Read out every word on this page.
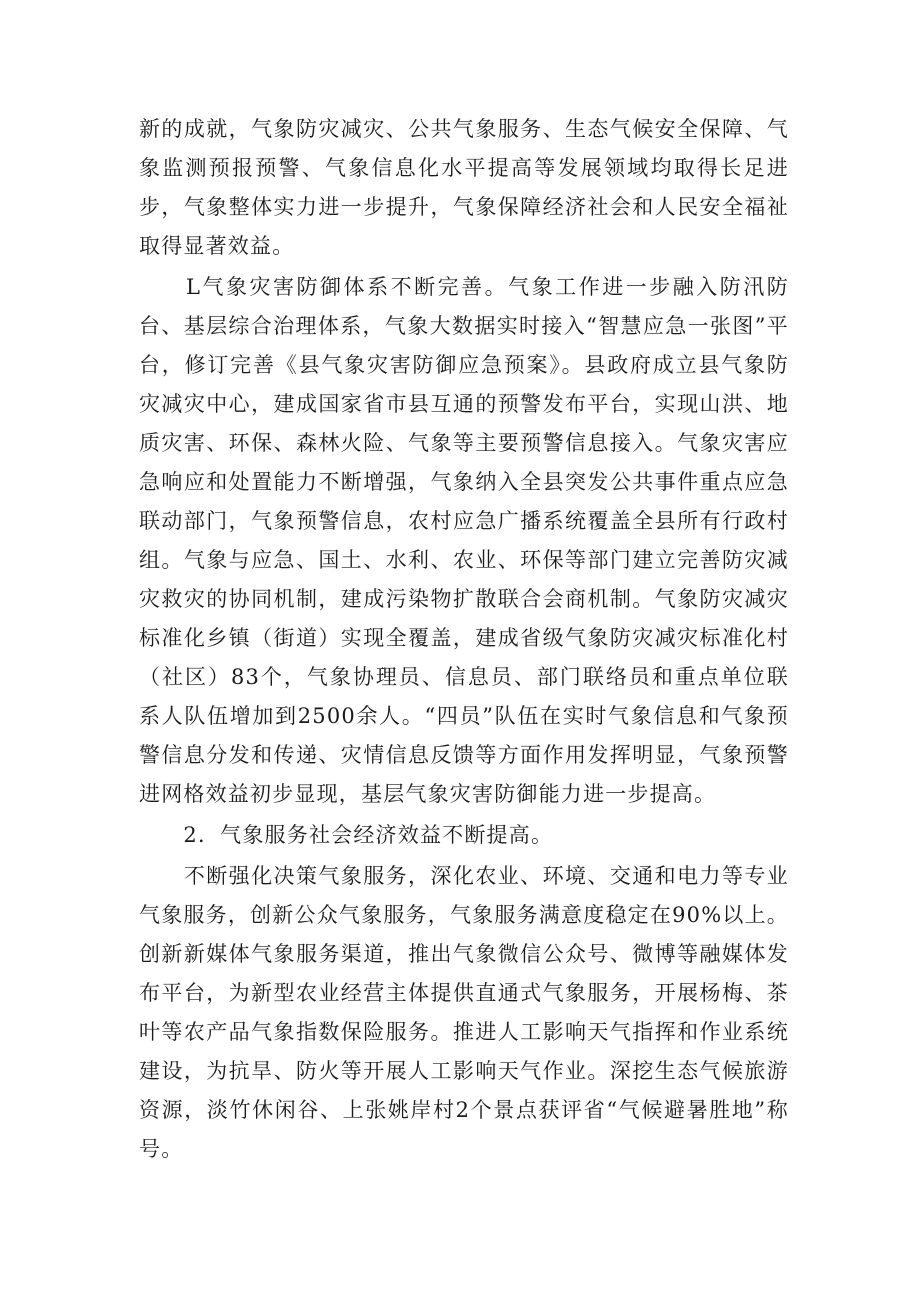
新的成就，气象防灾减灾、公共气象服务、生态气候安全保障、气象监测预报预警、气象信息化水平提高等发展领域均取得长足进步，气象整体实力进一步提升，气象保障经济社会和人民安全福祉取得显著效益。

　　L气象灾害防御体系不断完善。气象工作进一步融入防汛防台、基层综合治理体系，气象大数据实时接入“智慧应急一张图”平台，修订完善《县气象灾害防御应急预案》。县政府成立县气象防灾减灾中心，建成国家省市县互通的预警发布平台，实现山洪、地质灾害、环保、森林火险、气象等主要预警信息接入。气象灾害应急响应和处置能力不断增强，气象纳入全县突发公共事件重点应急联动部门，气象预警信息，农村应急广播系统覆盖全县所有行政村组。气象与应急、国土、水利、农业、环保等部门建立完善防灾减灾救灾的协同机制，建成污染物扩散联合会商机制。气象防灾减灾标准化乡镇（街道）实现全覆盖，建成省级气象防灾减灾标准化村（社区）83个，气象协理员、信息员、部门联络员和重点单位联系人队伍增加到2500余人。“四员”队伍在实时气象信息和气象预警信息分发和传递、灾情信息反馈等方面作用发挥明显，气象预警进网格效益初步显现，基层气象灾害防御能力进一步提高。

　　2．气象服务社会经济效益不断提高。

　　不断强化决策气象服务，深化农业、环境、交通和电力等专业气象服务，创新公众气象服务，气象服务满意度稳定在90%以上。创新新媒体气象服务渠道，推出气象微信公众号、微博等融媒体发布平台，为新型农业经营主体提供直通式气象服务，开展杨梅、茶叶等农产品气象指数保险服务。推进人工影响天气指挥和作业系统建设，为抗旱、防火等开展人工影响天气作业。深挖生态气候旅游资源，淡竹休闲谷、上张姚岸村2个景点获评省“气候避暑胜地”称号。
